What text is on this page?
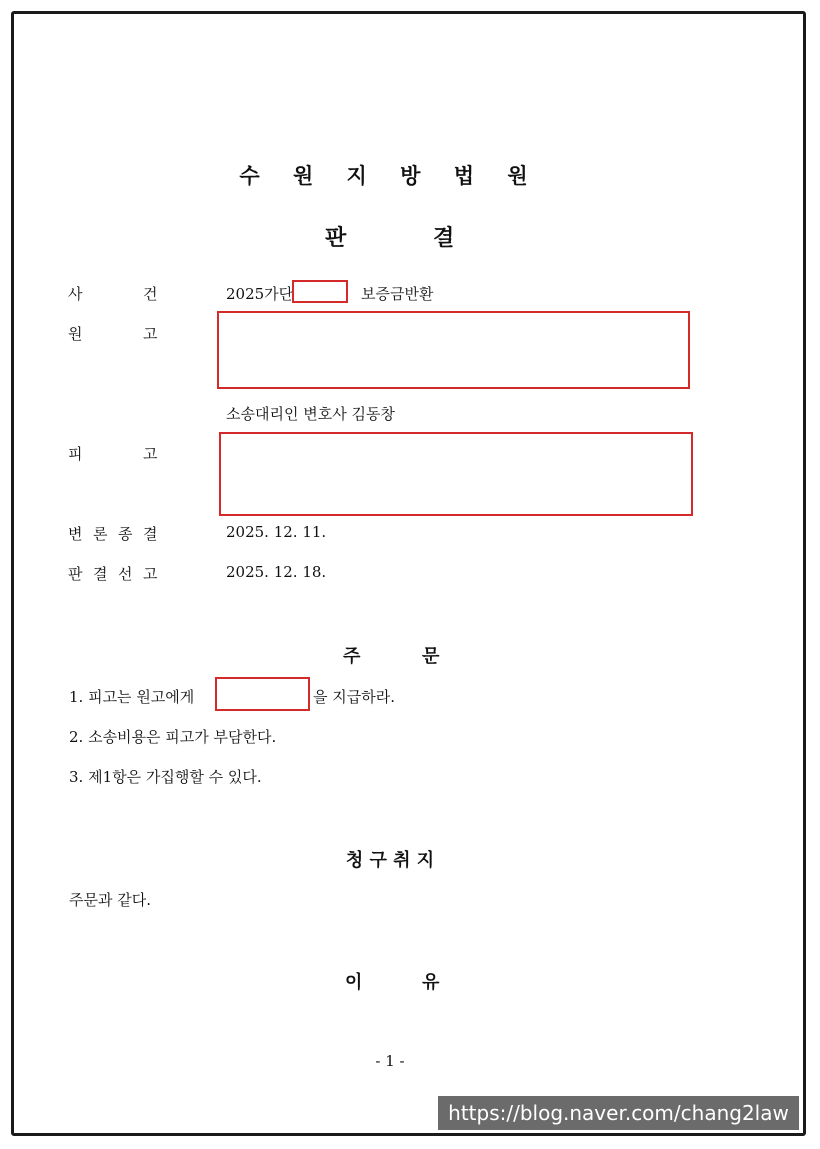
수 원 지 방 법 원
판	결
사	건	2025가단	보증금반환
원	고
소송대리인 변호사 김동창
피	고
변 론 종 결	2025. 12. 11.
판 결 선 고	2025. 12. 18.
주	문
1. 피고는 원고에게	을 지급하라.
2. 소송비용은 피고가 부담한다.
3. 제1항은 가집행할 수 있다.
청 구 취 지
주문과 같다.
이	유
- 1 -
https://blog.naver.com/chang2law
